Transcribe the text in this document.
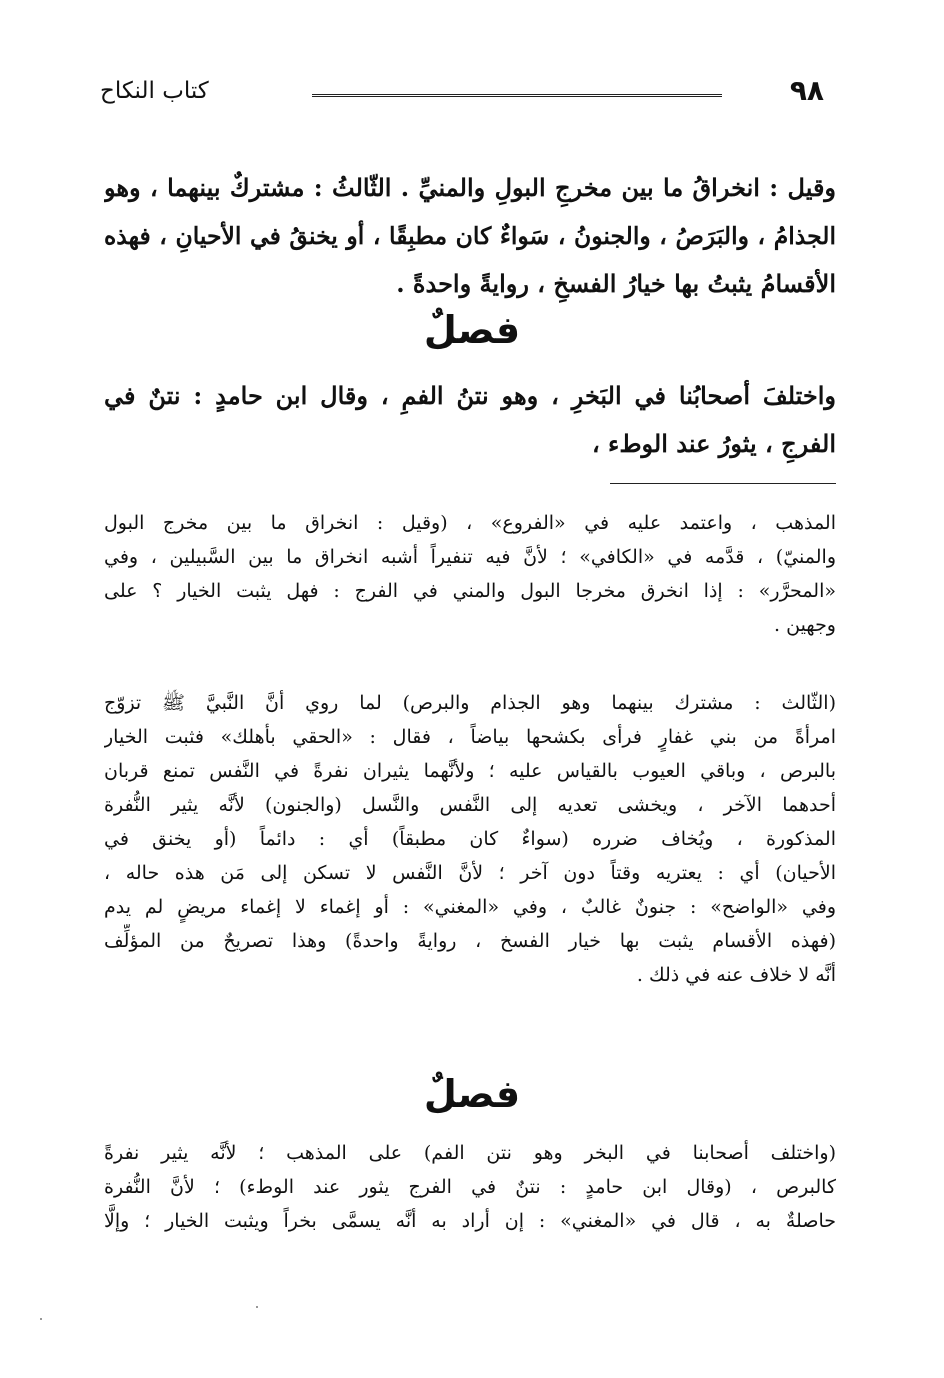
٩٨
كتاب النكاح
وقيل : انخراقُ ما بين مخرجِ البولِ والمنيِّ . الثّالثُ : مشتركٌ بينهما ، وهو
الجذامُ ، والبَرَصُ ، والجنونُ ، سَواءٌ كان مطبِقًا ، أو يخنقُ في الأحيانِ ، فهذه
الأقسامُ يثبتُ بها خيارُ الفسخِ ، روايةً واحدةً .
فصلٌ
واختلفَ أصحابُنا في البَخرِ ، وهو نتنُ الفمِ ، وقال ابن حامدٍ : نتنٌ في
الفرجِ ، يثورُ عند الوطء ،
المذهب ، واعتمد عليه في «الفروع» ، (وقيل : انخراق ما بين مخرج البول
والمنيّ) ، قدَّمه في «الكافي» ؛ لأنَّ فيه تنفيراً أشبه انخراق ما بين السَّبيلين ، وفي
«المحرَّر» : إذا انخرق مخرجا البول والمني في الفرج : فهل يثبت الخيار ؟ على
وجهين .
(الثّالث : مشترك بينهما وهو الجذام والبرص) لما روي أنَّ النَّبيَّ ﷺ تزوّج
امرأةً من بني غفارٍ فرأى بكشحها بياضاً ، فقال : «الحقي بأهلك» فثبت الخيار
بالبرص ، وباقي العيوب بالقياس عليه ؛ ولأنَّهما يثيران نفرةً في النَّفس تمنع قربان
أحدهما الآخر ، ويخشى تعديه إلى النَّفس والنَّسل (والجنون) لأنَّه يثير النُّفرة
المذكورة ، ويُخاف ضرره (سواءٌ كان مطبقاً) أي : دائماً (أو يخنق في
الأحيان) أي : يعتريه وقتاً دون آخر ؛ لأنَّ النَّفس لا تسكن إلى مَن هذه حاله ،
وفي «الواضح» : جنونٌ غالبٌ ، وفي «المغني» : أو إغماء لا إغماء مريضٍ لم يدم
(فهذه الأقسام يثبت بها خيار الفسخ ، روايةً واحدةً) وهذا تصريحٌ من المؤلِّف
أنَّه لا خلاف عنه في ذلك .
فصلٌ
(واختلف أصحابنا في البخر وهو نتن الفم) على المذهب ؛ لأنَّه يثير نفرةً
كالبرص ، (وقال ابن حامدٍ : نتنٌ في الفرج يثور عند الوطء) ؛ لأنَّ النُّفرة
حاصلةٌ به ، قال في «المغني» : إن أراد به أنَّه يسمَّى بخراً ويثبت الخيار ؛ وإلَّا
